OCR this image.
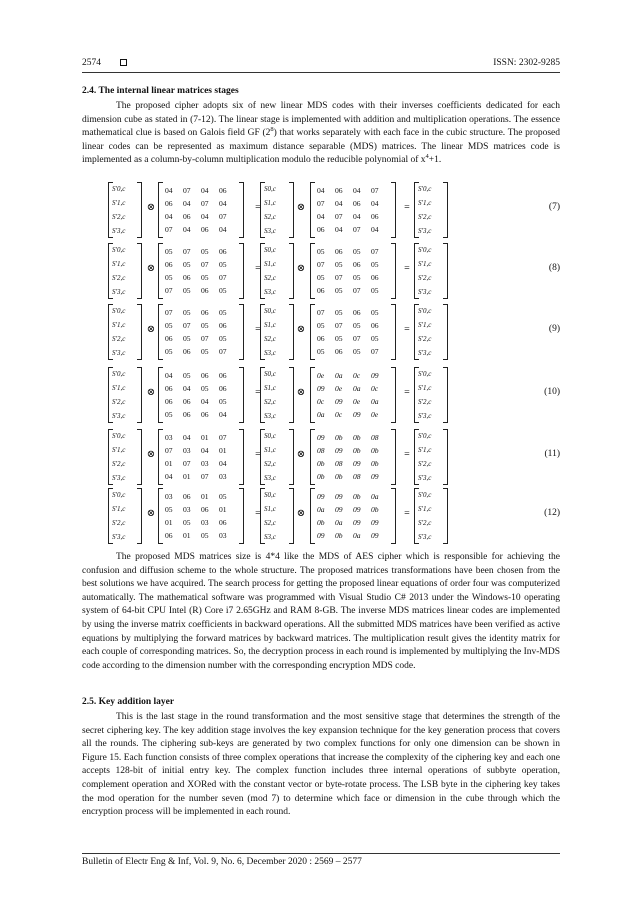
2574	ISSN: 2302-9285
2.4. The internal linear matrices stages

The proposed cipher adopts six of new linear MDS codes with their inverses coefficients dedicated for each dimension cube as stated in (7-12). The linear stage is implemented with addition and multiplication operations. The essence mathematical clue is based on Galois field GF $(2^8)$ that works separately with each face in the cubic structure. The proposed linear codes can be represented as maximum distance separable (MDS) matrices. The linear MDS matrices code is implemented as a column-by-column multiplication modulo the reducible polynomial of $x^4+1$.

S'0,c
S'1,c
S'2,c
S'3,c
⊗
04	07	04	06
06	04	07	04
04	06	04	07
07	04	06	04
=
S0,c
S1,c
S2,c
S3,c
⊗
04	06	04	07
07	04	06	04
04	07	04	06
06	04	07	04
=
S'0,c
S'1,c
S'2,c
S'3,c
(7)
S'0,c
S'1,c
S'2,c
S'3,c
⊗
05	07	05	06
06	05	07	05
05	06	05	07
07	05	06	05
=
S0,c
S1,c
S2,c
S3,c
⊗
05	06	05	07
07	05	06	05
05	07	05	06
06	05	07	05
=
S'0,c
S'1,c
S'2,c
S'3,c
(8)
S'0,c
S'1,c
S'2,c
S'3,c
⊗
07	05	06	05
05	07	05	06
06	05	07	05
05	06	05	07
=
S0,c
S1,c
S2,c
S3,c
⊗
07	05	06	05
05	07	05	06
06	05	07	05
05	06	05	07
=
S'0,c
S'1,c
S'2,c
S'3,c
(9)
S'0,c
S'1,c
S'2,c
S'3,c
⊗
04	05	06	06
06	04	05	06
06	06	04	05
05	06	06	04
=
S0,c
S1,c
S2,c
S3,c
⊗
0e	0a	0c	09
09	0e	0a	0c
0c	09	0e	0a
0a	0c	09	0e
=
S'0,c
S'1,c
S'2,c
S'3,c
(10)
S'0,c
S'1,c
S'2,c
S'3,c
⊗
03	04	01	07
07	03	04	01
01	07	03	04
04	01	07	03
=
S0,c
S1,c
S2,c
S3,c
⊗
09	0b	0b	08
08	09	0b	0b
0b	08	09	0b
0b	0b	08	09
=
S'0,c
S'1,c
S'2,c
S'3,c
(11)
S'0,c
S'1,c
S'2,c
S'3,c
⊗
03	06	01	05
05	03	06	01
01	05	03	06
06	01	05	03
=
S0,c
S1,c
S2,c
S3,c
⊗
09	09	0b	0a
0a	09	09	0b
0b	0a	09	09
09	0b	0a	09
=
S'0,c
S'1,c
S'2,c
S'3,c
(12)

The proposed MDS matrices size is 4*4 like the MDS of AES cipher which is responsible for achieving the confusion and diffusion scheme to the whole structure. The proposed matrices transformations have been chosen from the best solutions we have acquired. The search process for getting the proposed linear equations of order four was computerized automatically. The mathematical software was programmed with Visual Studio C# 2013 under the Windows-10 operating system of 64-bit CPU Intel (R) Core i7 2.65GHz and RAM 8-GB. The inverse MDS matrices linear codes are implemented by using the inverse matrix coefficients in backward operations. All the submitted MDS matrices have been verified as active equations by multiplying the forward matrices by backward matrices. The multiplication result gives the identity matrix for each couple of corresponding matrices. So, the decryption process in each round is implemented by multiplying the Inv-MDS code according to the dimension number with the corresponding encryption MDS code.

2.5. Key addition layer

This is the last stage in the round transformation and the most sensitive stage that determines the strength of the secret ciphering key. The key addition stage involves the key expansion technique for the key generation process that covers all the rounds. The ciphering sub-keys are generated by two complex functions for only one dimension can be shown in Figure 15. Each function consists of three complex operations that increase the complexity of the ciphering key and each one accepts 128-bit of initial entry key. The complex function includes three internal operations of subbyte operation, complement operation and XORed with the constant vector or byte-rotate process. The LSB byte in the ciphering key takes the mod operation for the number seven (mod 7) to determine which face or dimension in the cube through which the encryption process will be implemented in each round.

Bulletin of Electr Eng & Inf, Vol. 9, No. 6, December 2020 : 2569 – 2577
